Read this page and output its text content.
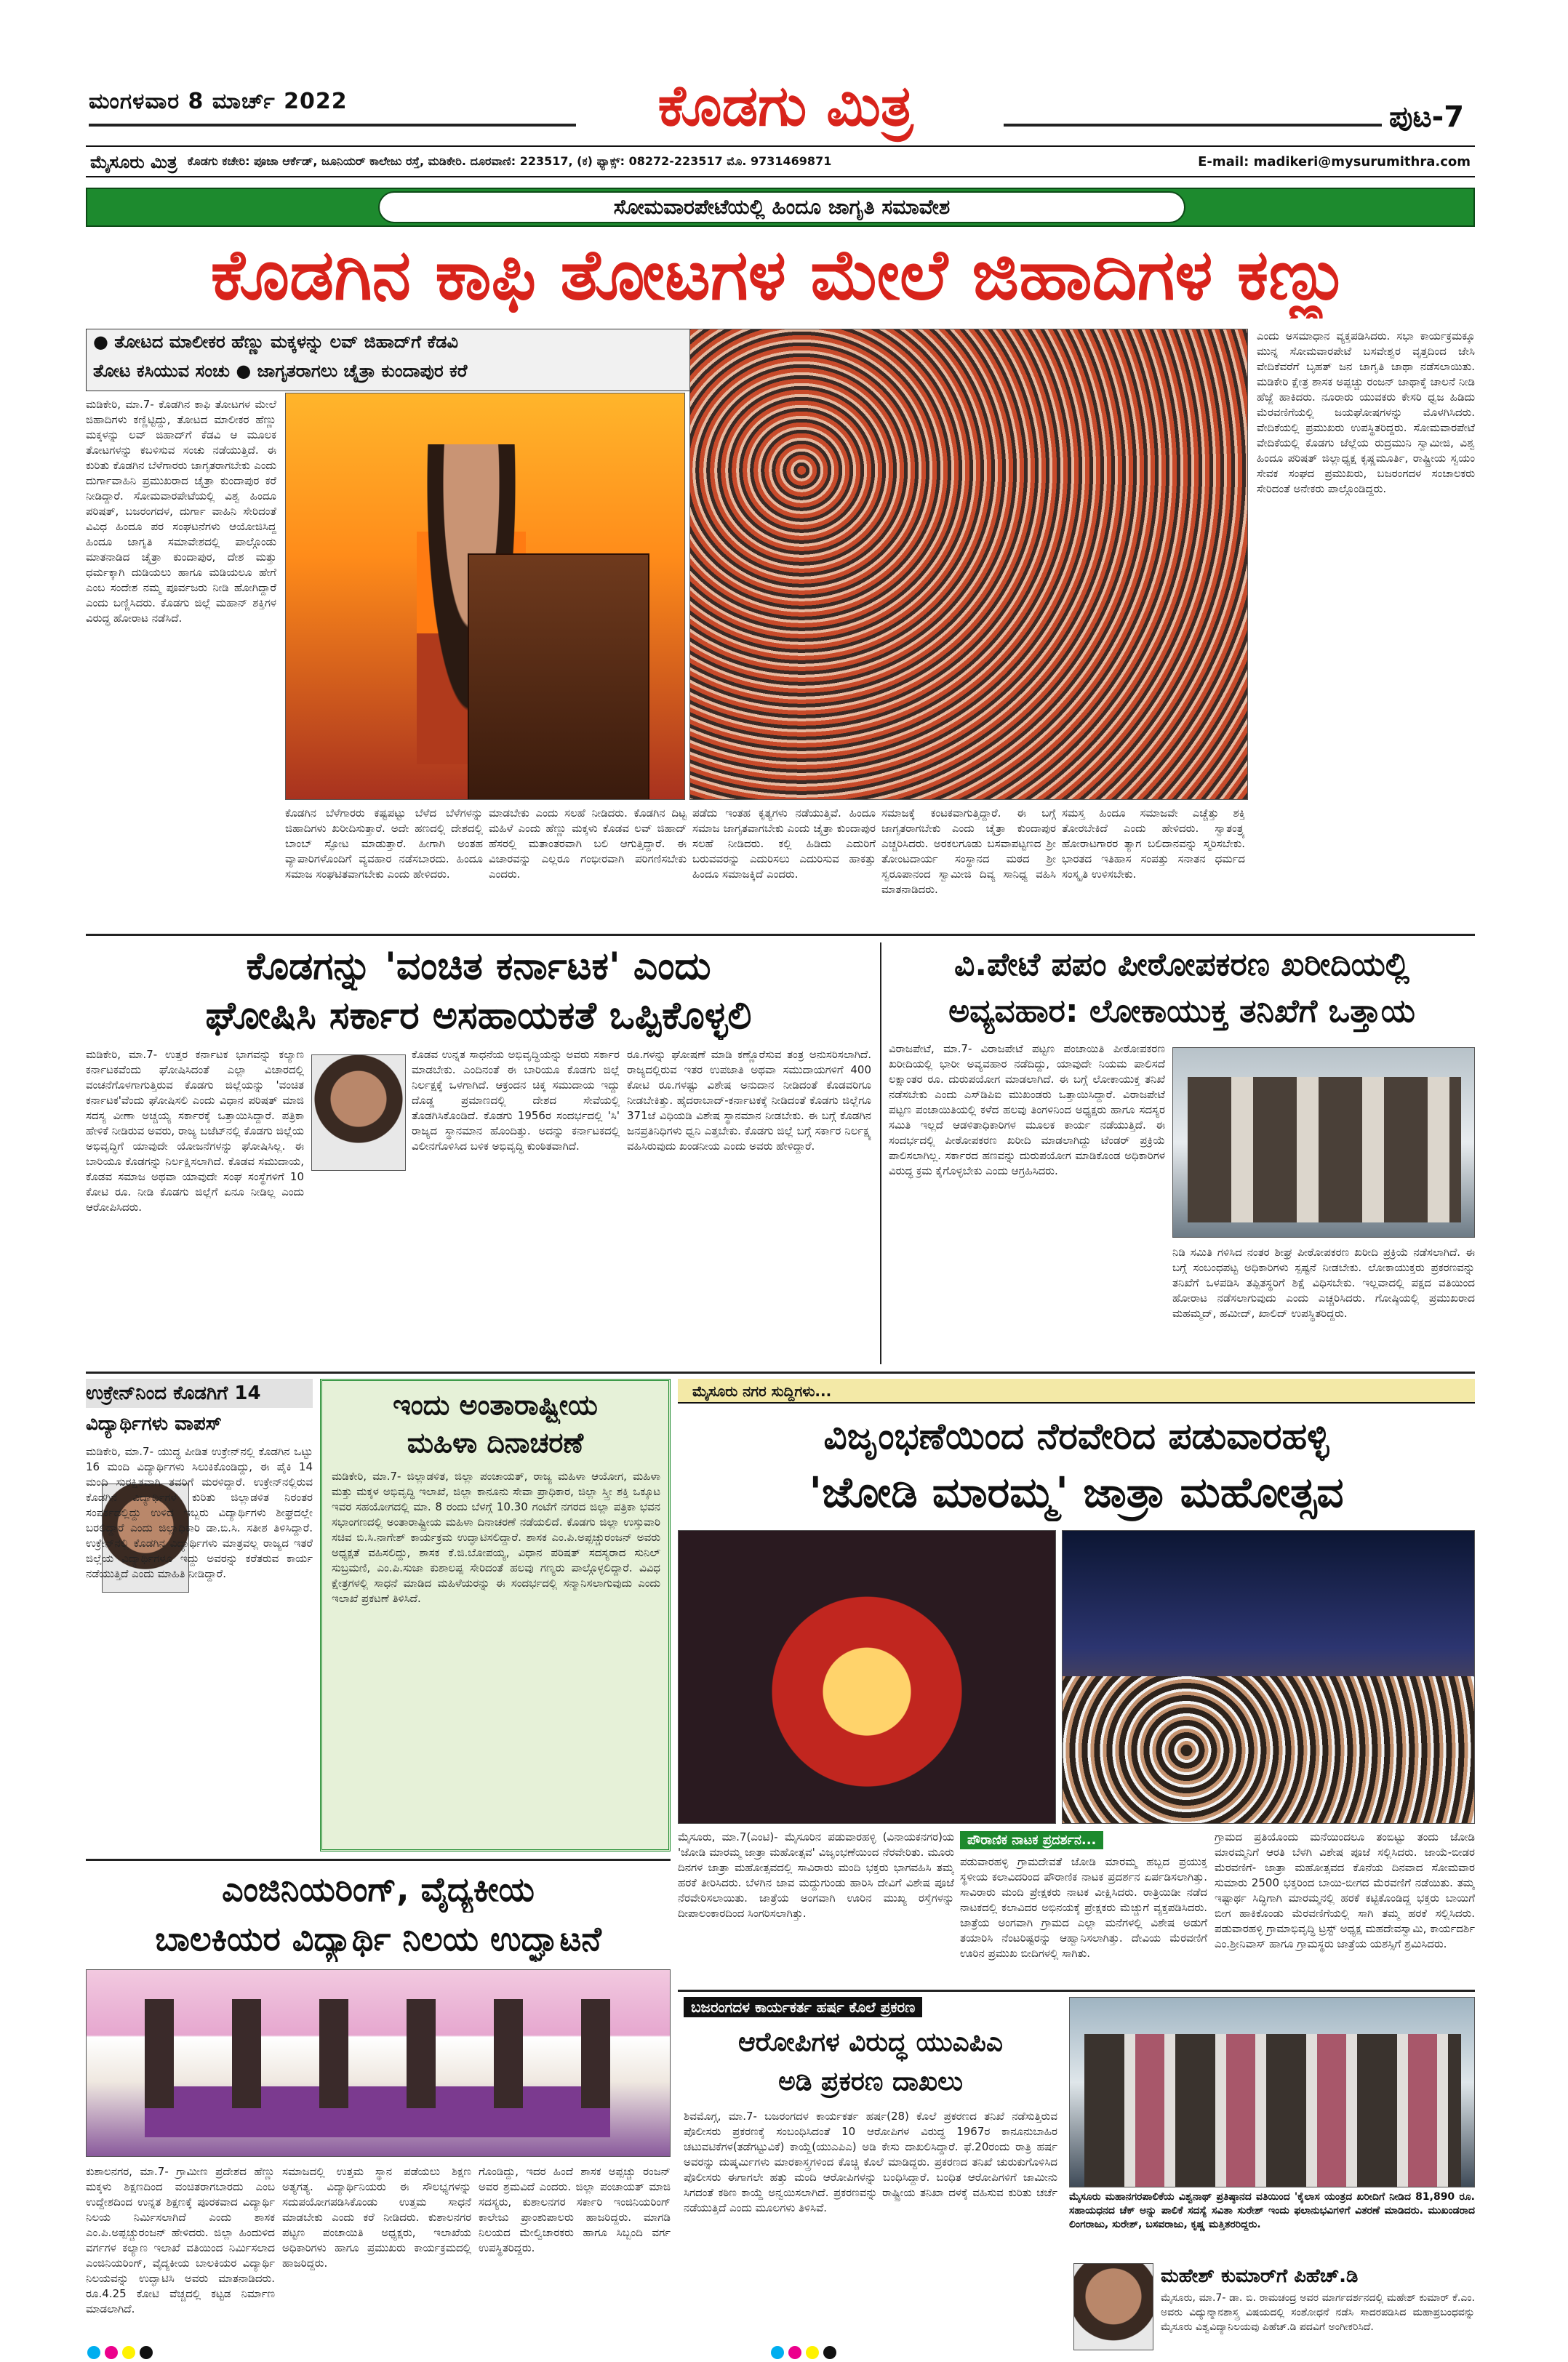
ಮಂಗಳವಾರ 8 ಮಾರ್ಚ್ 2022	ಕೊಡಗು ಮಿತ್ರ	ಪುಟ-7
ಮೈಸೂರು ಮಿತ್ರ ಕೊಡಗು ಕಚೇರಿ: ಪೂಜಾ ಆರ್ಕೆಡ್, ಜೂನಿಯರ್ ಕಾಲೇಜು ರಸ್ತೆ, ಮಡಿಕೇರಿ. ದೂರವಾಣಿ: 223517, (ಕ) ಫ್ಯಾಕ್ಸ್: 08272-223517 ಮೊ. 9731469871	E-mail: madikeri@mysurumithra.com
ಸೋಮವಾರಪೇಟೆಯಲ್ಲಿ ಹಿಂದೂ ಜಾಗೃತಿ ಸಮಾವೇಶ
ಕೊಡಗಿನ ಕಾಫಿ ತೋಟಗಳ ಮೇಲೆ ಜಿಹಾದಿಗಳ ಕಣ್ಣು
● ತೋಟದ ಮಾಲೀಕರ ಹೆಣ್ಣು ಮಕ್ಕಳನ್ನು ಲವ್ ಜಿಹಾದ್‌ಗೆ ಕೆಡವಿ
ತೋಟ ಕಸಿಯುವ ಸಂಚು ● ಜಾಗೃತರಾಗಲು ಚೈತ್ರಾ ಕುಂದಾಪುರ ಕರೆ
ಮಡಿಕೇರಿ, ಮಾ.7- ಕೊಡಗಿನ ಕಾಫಿ ತೋಟಗಳ ಮೇಲೆ ಜಿಹಾದಿಗಳು ಕಣ್ಣಿಟ್ಟಿದ್ದು, ತೋಟದ ಮಾಲೀಕರ ಹೆಣ್ಣು ಮಕ್ಕಳನ್ನು ಲವ್ ಜಿಹಾದ್‌ಗೆ ಕೆಡವಿ ಆ ಮೂಲಕ ತೋಟಗಳನ್ನು ಕಬಳಿಸುವ ಸಂಚು ನಡೆಯುತ್ತಿದೆ. ಈ ಕುರಿತು ಕೊಡಗಿನ ಬೆಳೆಗಾರರು ಜಾಗೃತರಾಗಬೇಕು ಎಂದು ದುರ್ಗಾವಾಹಿನಿ ಪ್ರಮುಖರಾದ ಚೈತ್ರಾ ಕುಂದಾಪುರ ಕರೆ ನೀಡಿದ್ದಾರೆ. ಸೋಮವಾರಪೇಟೆಯಲ್ಲಿ ವಿಶ್ವ ಹಿಂದೂ ಪರಿಷತ್, ಬಜರಂಗದಳ, ದುರ್ಗಾ ವಾಹಿನಿ ಸೇರಿದಂತೆ ವಿವಿಧ ಹಿಂದೂ ಪರ ಸಂಘಟನೆಗಳು ಆಯೋಜಿಸಿದ್ದ ಹಿಂದೂ ಜಾಗೃತಿ ಸಮಾವೇಶದಲ್ಲಿ ಪಾಲ್ಗೊಂಡು ಮಾತನಾಡಿದ ಚೈತ್ರಾ ಕುಂದಾಪುರ, ದೇಶ ಮತ್ತು ಧರ್ಮಕ್ಕಾಗಿ ದುಡಿಯಲು ಹಾಗೂ ಮಡಿಯಲೂ ಹೇಗೆ ಎಂಬ ಸಂದೇಶ ನಮ್ಮ ಪೂರ್ವಜರು ನೀಡಿ ಹೋಗಿದ್ದಾರೆ ಎಂದು ಬಣ್ಣಿಸಿದರು. ಕೊಡಗು ಜಿಲ್ಲೆ ಮಹಾನ್ ಶಕ್ತಿಗಳ ವಿರುದ್ಧ ಹೋರಾಟ ನಡೆಸಿದೆ.
ಕೊಡಗಿನ ಬೆಳೆಗಾರರು ಕಷ್ಟಪಟ್ಟು ಬೆಳೆದ ಬೆಳೆಗಳನ್ನು ಜಿಹಾದಿಗಳು ಖರೀದಿಸುತ್ತಾರೆ. ಅದೇ ಹಣದಲ್ಲಿ ದೇಶದಲ್ಲಿ ಬಾಂಬ್ ಸ್ಫೋಟ ಮಾಡುತ್ತಾರೆ. ಹೀಗಾಗಿ ಅಂತಹ ವ್ಯಾಪಾರಿಗಳೊಂದಿಗೆ ವ್ಯವಹಾರ ನಡೆಸಬಾರದು. ಹಿಂದೂ ಸಮಾಜ ಸಂಘಟಿತವಾಗಬೇಕು ಎಂದು ಹೇಳಿದರು.
ಮಾಡಬೇಕು ಎಂದು ಸಲಹೆ ನೀಡಿದರು. ಕೊಡಗಿನ ದಿಟ್ಟ ಮಹಿಳೆ ಎಂದು ಹೆಣ್ಣು ಮಕ್ಕಳು ಕೊಡವ ಲವ್ ಜಿಹಾದ್ ಹೆಸರಲ್ಲಿ ಮತಾಂತರವಾಗಿ ಬಲಿ ಆಗುತ್ತಿದ್ದಾರೆ. ಈ ವಿಚಾರವನ್ನು ಎಲ್ಲರೂ ಗಂಭೀರವಾಗಿ ಪರಿಗಣಿಸಬೇಕು ಎಂದರು.
ಪಡೆದು ಇಂತಹ ಕೃತ್ಯಗಳು ನಡೆಯುತ್ತಿವೆ. ಹಿಂದೂ ಸಮಾಜ ಜಾಗೃತವಾಗಬೇಕು ಎಂದು ಚೈತ್ರಾ ಕುಂದಾಪುರ ಸಲಹೆ ನೀಡಿದರು. ಕಲ್ಲಿ ಹಿಡಿದು ಎದುರಿಗೆ ಬರುವವರನ್ನು ಎದುರಿಸಲು ಎದುರಿಸುವ ಹಾಕತ್ತು ಹಿಂದೂ ಸಮಾಜಕ್ಕಿದೆ ಎಂದರು.
ಸಮಾಜಕ್ಕೆ ಕಂಟಕವಾಗುತ್ತಿದ್ದಾರೆ. ಈ ಬಗ್ಗೆ ಜಾಗೃತರಾಗಬೇಕು ಎಂದು ಚೈತ್ರಾ ಕುಂದಾಪುರ ಎಚ್ಚರಿಸಿದರು. ಅರಕಲಗೂಡು ಬಸವಾಪಟ್ಟಣದ ಶ್ರೀ ತೋಂಟದಾರ್ಯ ಸಂಸ್ಥಾನದ ಮಠದ ಶ್ರೀ ಸ್ವರೂಪಾನಂದ ಸ್ವಾಮೀಜಿ ದಿವ್ಯ ಸಾನಿಧ್ಯ ವಹಿಸಿ ಮಾತನಾಡಿದರು.
ಸಮಸ್ತ ಹಿಂದೂ ಸಮಾಜವೇ ಎಚ್ಚೆತ್ತು ಶಕ್ತಿ ತೋರಬೇಕಿದೆ ಎಂದು ಹೇಳಿದರು. ಸ್ವಾತಂತ್ರ್ಯ ಹೋರಾಟಗಾರರ ತ್ಯಾಗ ಬಲಿದಾನವನ್ನು ಸ್ಮರಿಸಬೇಕು. ಭಾರತದ ಇತಿಹಾಸ ಸಂಪತ್ತು ಸನಾತನ ಧರ್ಮದ ಸಂಸ್ಕೃತಿ ಉಳಿಸಬೇಕು.
ಎಂದು ಅಸಮಾಧಾನ ವ್ಯಕ್ತಪಡಿಸಿದರು. ಸಭಾ ಕಾರ್ಯಕ್ರಮಕ್ಕೂ ಮುನ್ನ ಸೋಮವಾರಪೇಟೆ ಬಸವೇಶ್ವರ ವೃತ್ತದಿಂದ ಜೇಸಿ ವೇದಿಕೆವರೆಗೆ ಬೃಹತ್ ಜನ ಜಾಗೃತಿ ಜಾಥಾ ನಡೆಸಲಾಯಿತು. ಮಡಿಕೇರಿ ಕ್ಷೇತ್ರ ಶಾಸಕ ಅಪ್ಪಚ್ಚು ರಂಜನ್ ಜಾಥಾಕ್ಕೆ ಚಾಲನೆ ನೀಡಿ ಹೆಜ್ಜೆ ಹಾಕಿದರು. ನೂರಾರು ಯುವಕರು ಕೇಸರಿ ಧ್ವಜ ಹಿಡಿದು ಮೆರವಣಿಗೆಯಲ್ಲಿ ಜಯಘೋಷಗಳನ್ನು ಮೊಳಗಿಸಿದರು. ವೇದಿಕೆಯಲ್ಲಿ ಪ್ರಮುಖರು ಉಪಸ್ಥಿತರಿದ್ದರು. ಸೋಮವಾರಪೇಟೆ ವೇದಿಕೆಯಲ್ಲಿ ಕೊಡಗು ಜೆಲ್ಲೆಯ ರುದ್ರಮುನಿ ಸ್ವಾಮೀಜಿ, ವಿಶ್ವ ಹಿಂದೂ ಪರಿಷತ್ ಜಿಲ್ಲಾಧ್ಯಕ್ಷ ಕೃಷ್ಣಮೂರ್ತಿ, ರಾಷ್ಟ್ರೀಯ ಸ್ವಯಂ ಸೇವಕ ಸಂಘದ ಪ್ರಮುಖರು, ಬಜರಂಗದಳ ಸಂಚಾಲಕರು ಸೇರಿದಂತೆ ಅನೇಕರು ಪಾಲ್ಗೊಂಡಿದ್ದರು.
ಕೊಡಗನ್ನು 'ವಂಚಿತ ಕರ್ನಾಟಕ' ಎಂದು
ಘೋಷಿಸಿ ಸರ್ಕಾರ ಅಸಹಾಯಕತೆ ಒಪ್ಪಿಕೊಳ್ಳಲಿ
ಮಡಿಕೇರಿ, ಮಾ.7- ಉತ್ತರ ಕರ್ನಾಟಕ ಭಾಗವನ್ನು ಕಲ್ಯಾಣ ಕರ್ನಾಟಕವೆಂದು ಘೋಷಿಸಿದಂತೆ ಎಲ್ಲಾ ವಿಚಾರದಲ್ಲಿ ವಂಚನೆಗೊಳಗಾಗುತ್ತಿರುವ ಕೊಡಗು ಜಿಲ್ಲೆಯನ್ನು 'ವಂಚಿತ ಕರ್ನಾಟಕ'ವೆಂದು ಘೋಷಿಸಲಿ ಎಂದು ವಿಧಾನ ಪರಿಷತ್ ಮಾಜಿ ಸದಸ್ಯ ವೀಣಾ ಅಚ್ಚಯ್ಯ ಸರ್ಕಾರಕ್ಕೆ ಒತ್ತಾಯಿಸಿದ್ದಾರೆ. ಪತ್ರಿಕಾ ಹೇಳಿಕೆ ನೀಡಿರುವ ಅವರು, ರಾಜ್ಯ ಬಜೆಟ್‌ನಲ್ಲಿ ಕೊಡಗು ಜಿಲ್ಲೆಯ ಅಭಿವೃದ್ಧಿಗೆ ಯಾವುದೇ ಯೋಜನೆಗಳನ್ನು ಘೋಷಿಸಿಲ್ಲ. ಈ ಬಾರಿಯೂ ಕೊಡಗನ್ನು ನಿರ್ಲಕ್ಷಿಸಲಾಗಿದೆ. ಕೊಡವ ಸಮುದಾಯ, ಕೊಡವ ಸಮಾಜ ಅಥವಾ ಯಾವುದೇ ಸಂಘ ಸಂಸ್ಥೆಗಳಿಗೆ 10 ಕೋಟಿ ರೂ. ನೀಡಿ ಕೊಡಗು ಜಿಲ್ಲೆಗೆ ಏನೂ ನೀಡಿಲ್ಲ ಎಂದು ಆರೋಪಿಸಿದರು.
ಕೊಡವ ಉನ್ನತ ಸಾಧನೆಯ ಅಭಿವೃದ್ಧಿಯನ್ನು ಅವರು ಸರ್ಕಾರ ಮಾಡಬೇಕು. ಎಂದಿನಂತೆ ಈ ಬಾರಿಯೂ ಕೊಡಗು ಜಿಲ್ಲೆ ನಿರ್ಲಕ್ಷಕ್ಕೆ ಒಳಗಾಗಿದೆ. ಆಕ್ರಂದನ ಚಿಕ್ಕ ಸಮುದಾಯ ಇದ್ದು ದೊಡ್ಡ ಪ್ರಮಾಣದಲ್ಲಿ ದೇಶದ ಸೇವೆಯಲ್ಲಿ ತೊಡಗಿಸಿಕೊಂಡಿದೆ. ಕೊಡಗು 1956ರ ಸಂದರ್ಭದಲ್ಲಿ 'ಸಿ' ರಾಜ್ಯದ ಸ್ಥಾನಮಾನ ಹೊಂದಿತ್ತು. ಅದನ್ನು ಕರ್ನಾಟಕದಲ್ಲಿ ವಿಲೀನಗೊಳಿಸಿದ ಬಳಿಕ ಅಭಿವೃದ್ಧಿ ಕುಂಠಿತವಾಗಿದೆ.
ರೂ.ಗಳನ್ನು ಘೋಷಣೆ ಮಾಡಿ ಕಣ್ಣೊರೆಸುವ ತಂತ್ರ ಅನುಸರಿಸಲಾಗಿದೆ. ರಾಜ್ಯದಲ್ಲಿರುವ ಇತರ ಉಪಜಾತಿ ಅಥವಾ ಸಮುದಾಯಗಳಿಗೆ 400 ಕೋಟಿ ರೂ.ಗಳಷ್ಟು ವಿಶೇಷ ಅನುದಾನ ನೀಡಿದಂತೆ ಕೊಡವರಿಗೂ ನೀಡಬೇಕಿತ್ತು. ಹೈದರಾಬಾದ್-ಕರ್ನಾಟಕಕ್ಕೆ ನೀಡಿದಂತೆ ಕೊಡಗು ಜಿಲ್ಲೆಗೂ 371ಜೆ ವಿಧಿಯಡಿ ವಿಶೇಷ ಸ್ಥಾನಮಾನ ನೀಡಬೇಕು. ಈ ಬಗ್ಗೆ ಕೊಡಗಿನ ಜನಪ್ರತಿನಿಧಿಗಳು ಧ್ವನಿ ಎತ್ತಬೇಕು. ಕೊಡಗು ಜಿಲ್ಲೆ ಬಗ್ಗೆ ಸರ್ಕಾರ ನಿರ್ಲಕ್ಷ್ಯ ವಹಿಸಿರುವುದು ಖಂಡನೀಯ ಎಂದು ಅವರು ಹೇಳಿದ್ದಾರೆ.
ವಿ.ಪೇಟೆ ಪಪಂ ಪೀಠೋಪಕರಣ ಖರೀದಿಯಲ್ಲಿ
ಅವ್ಯವಹಾರ: ಲೋಕಾಯುಕ್ತ ತನಿಖೆಗೆ ಒತ್ತಾಯ
ವಿರಾಜಪೇಟೆ, ಮಾ.7- ವಿರಾಜಪೇಟೆ ಪಟ್ಟಣ ಪಂಚಾಯಿತಿ ಪೀಠೋಪಕರಣ ಖರೀದಿಯಲ್ಲಿ ಭಾರೀ ಅವ್ಯವಹಾರ ನಡೆದಿದ್ದು, ಯಾವುದೇ ನಿಯಮ ಪಾಲಿಸದೆ ಲಕ್ಷಾಂತರ ರೂ. ದುರುಪಯೋಗ ಮಾಡಲಾಗಿದೆ. ಈ ಬಗ್ಗೆ ಲೋಕಾಯುಕ್ತ ತನಿಖೆ ನಡೆಸಬೇಕು ಎಂದು ಎಸ್‌ಡಿಪಿಐ ಮುಖಂಡರು ಒತ್ತಾಯಿಸಿದ್ದಾರೆ. ವಿರಾಜಪೇಟೆ ಪಟ್ಟಣ ಪಂಚಾಯಿತಿಯಲ್ಲಿ ಕಳೆದ ಹಲವು ತಿಂಗಳಿನಿಂದ ಅಧ್ಯಕ್ಷರು ಹಾಗೂ ಸದಸ್ಯರ ಸಮಿತಿ ಇಲ್ಲದೆ ಆಡಳಿತಾಧಿಕಾರಿಗಳ ಮೂಲಕ ಕಾರ್ಯ ನಡೆಯುತ್ತಿದೆ. ಈ ಸಂದರ್ಭದಲ್ಲಿ ಪೀಠೋಪಕರಣ ಖರೀದಿ ಮಾಡಲಾಗಿದ್ದು ಟೆಂಡರ್ ಪ್ರಕ್ರಿಯೆ ಪಾಲಿಸಲಾಗಿಲ್ಲ. ಸರ್ಕಾರದ ಹಣವನ್ನು ದುರುಪಯೋಗ ಮಾಡಿಕೊಂಡ ಅಧಿಕಾರಿಗಳ ವಿರುದ್ಧ ಕ್ರಮ ಕೈಗೊಳ್ಳಬೇಕು ಎಂದು ಆಗ್ರಹಿಸಿದರು.
ನಿಡಿ ಸಮಿತಿ ಗಳಿಸಿದ ನಂತರ ಶೀಘ್ರ ಪೀಠೋಪಕರಣ ಖರೀದಿ ಪ್ರಕ್ರಿಯೆ ನಡೆಸಲಾಗಿದೆ. ಈ ಬಗ್ಗೆ ಸಂಬಂಧಪಟ್ಟ ಅಧಿಕಾರಿಗಳು ಸ್ಪಷ್ಟನೆ ನೀಡಬೇಕು. ಲೋಕಾಯುಕ್ತರು ಪ್ರಕರಣವನ್ನು ತನಿಖೆಗೆ ಒಳಪಡಿಸಿ ತಪ್ಪಿತಸ್ಥರಿಗೆ ಶಿಕ್ಷೆ ವಿಧಿಸಬೇಕು. ಇಲ್ಲವಾದಲ್ಲಿ ಪಕ್ಷದ ವತಿಯಿಂದ ಹೋರಾಟ ನಡೆಸಲಾಗುವುದು ಎಂದು ಎಚ್ಚರಿಸಿದರು. ಗೋಷ್ಠಿಯಲ್ಲಿ ಪ್ರಮುಖರಾದ ಮಹಮ್ಮದ್, ಹಮೀದ್, ಖಾಲಿದ್ ಉಪಸ್ಥಿತರಿದ್ದರು.
ಉಕ್ರೇನ್‌ನಿಂದ ಕೊಡಗಿಗೆ 14
ವಿದ್ಯಾರ್ಥಿಗಳು ವಾಪಸ್
ಮಡಿಕೇರಿ, ಮಾ.7- ಯುದ್ಧ ಪೀಡಿತ ಉಕ್ರೇನ್‌ನಲ್ಲಿ ಕೊಡಗಿನ ಒಟ್ಟು 16 ಮಂದಿ ವಿದ್ಯಾರ್ಥಿಗಳು ಸಿಲುಕಿಕೊಂಡಿದ್ದು, ಈ ಪೈಕಿ 14 ಮಂದಿ ಸುರಕ್ಷಿತವಾಗಿ ತವರಿಗೆ ಮರಳಿದ್ದಾರೆ. ಉಕ್ರೇನ್‌ನಲ್ಲಿರುವ ಕೊಡಗಿನ ವಿದ್ಯಾರ್ಥಿಗಳ ಕುರಿತು ಜಿಲ್ಲಾಡಳಿತ ನಿರಂತರ ಸಂಪರ್ಕದಲ್ಲಿದ್ದು ಉಳಿದ ಇಬ್ಬರು ವಿದ್ಯಾರ್ಥಿಗಳು ಶೀಘ್ರದಲ್ಲೇ ಬರಲಿದ್ದಾರೆ ಎಂದು ಜಿಲ್ಲಾಧಿಕಾರಿ ಡಾ.ಬಿ.ಸಿ. ಸತೀಶ ತಿಳಿಸಿದ್ದಾರೆ. ಉಕ್ರೇನ್‌ನಲ್ಲಿ ಕೊಡಗಿನ ವಿದ್ಯಾರ್ಥಿಗಳು ಮಾತ್ರವಲ್ಲ ರಾಜ್ಯದ ಇತರೆ ಜಿಲ್ಲೆಯ ವಿದ್ಯಾರ್ಥಿಗಳೂ ಇದ್ದು ಅವರನ್ನು ಕರೆತರುವ ಕಾರ್ಯ ನಡೆಯುತ್ತಿದೆ ಎಂದು ಮಾಹಿತಿ ನೀಡಿದ್ದಾರೆ.
ಇಂದು ಅಂತಾರಾಷ್ಟ್ರೀಯ
ಮಹಿಳಾ ದಿನಾಚರಣೆ
ಮಡಿಕೇರಿ, ಮಾ.7- ಜಿಲ್ಲಾಡಳಿತ, ಜಿಲ್ಲಾ ಪಂಚಾಯತ್, ರಾಜ್ಯ ಮಹಿಳಾ ಆಯೋಗ, ಮಹಿಳಾ ಮತ್ತು ಮಕ್ಕಳ ಅಭಿವೃದ್ಧಿ ಇಲಾಖೆ, ಜಿಲ್ಲಾ ಕಾನೂನು ಸೇವಾ ಪ್ರಾಧಿಕಾರ, ಜಿಲ್ಲಾ ಸ್ತ್ರೀ ಶಕ್ತಿ ಒಕ್ಕೂಟ ಇವರ ಸಹಯೋಗದಲ್ಲಿ ಮಾ. 8 ರಂದು ಬೆಳಗ್ಗೆ 10.30 ಗಂಟೆಗೆ ನಗರದ ಜಿಲ್ಲಾ ಪತ್ರಿಕಾ ಭವನ ಸಭಾಂಗಣದಲ್ಲಿ ಅಂತಾರಾಷ್ಟ್ರೀಯ ಮಹಿಳಾ ದಿನಾಚರಣೆ ನಡೆಯಲಿದೆ. ಕೊಡಗು ಜಿಲ್ಲಾ ಉಸ್ತುವಾರಿ ಸಚಿವ ಬಿ.ಸಿ.ನಾಗೇಶ್ ಕಾರ್ಯಕ್ರಮ ಉದ್ಘಾಟಿಸಲಿದ್ದಾರೆ. ಶಾಸಕ ಎಂ.ಪಿ.ಅಪ್ಪಚ್ಚುರಂಜನ್ ಅವರು ಅಧ್ಯಕ್ಷತೆ ವಹಿಸಲಿದ್ದು, ಶಾಸಕ ಕೆ.ಜಿ.ಬೋಪಯ್ಯ, ವಿಧಾನ ಪರಿಷತ್ ಸದಸ್ಯರಾದ ಸುನಿಲ್ ಸುಬ್ರಮಣಿ, ಎಂ.ಪಿ.ಸುಜಾ ಕುಶಾಲಪ್ಪ ಸೇರಿದಂತೆ ಹಲವು ಗಣ್ಯರು ಪಾಲ್ಗೊಳ್ಳಲಿದ್ದಾರೆ. ವಿವಿಧ ಕ್ಷೇತ್ರಗಳಲ್ಲಿ ಸಾಧನೆ ಮಾಡಿದ ಮಹಿಳೆಯರನ್ನು ಈ ಸಂದರ್ಭದಲ್ಲಿ ಸನ್ಮಾನಿಸಲಾಗುವುದು ಎಂದು ಇಲಾಖೆ ಪ್ರಕಟಣೆ ತಿಳಿಸಿದೆ.
ಎಂಜಿನಿಯರಿಂಗ್, ವೈದ್ಯಕೀಯ
ಬಾಲಕಿಯರ ವಿದ್ಯಾರ್ಥಿ ನಿಲಯ ಉದ್ಘಾಟನೆ
ಕುಶಾಲನಗರ, ಮಾ.7- ಗ್ರಾಮೀಣ ಪ್ರದೇಶದ ಹೆಣ್ಣು ಮಕ್ಕಳು ಶಿಕ್ಷಣದಿಂದ ವಂಚಿತರಾಗಬಾರದು ಎಂಬ ಉದ್ದೇಶದಿಂದ ಉನ್ನತ ಶಿಕ್ಷಣಕ್ಕೆ ಪೂರಕವಾದ ವಿದ್ಯಾರ್ಥಿ ನಿಲಯ ನಿರ್ಮಿಸಲಾಗಿದೆ ಎಂದು ಶಾಸಕ ಎಂ.ಪಿ.ಅಪ್ಪಚ್ಚುರಂಜನ್ ಹೇಳಿದರು. ಜಿಲ್ಲಾ ಹಿಂದುಳಿದ ವರ್ಗಗಳ ಕಲ್ಯಾಣ ಇಲಾಖೆ ವತಿಯಿಂದ ನಿರ್ಮಿಸಲಾದ ಎಂಜಿನಿಯರಿಂಗ್, ವೈದ್ಯಕೀಯ ಬಾಲಕಿಯರ ವಿದ್ಯಾರ್ಥಿ ನಿಲಯವನ್ನು ಉದ್ಘಾಟಿಸಿ ಅವರು ಮಾತನಾಡಿದರು. ರೂ.4.25 ಕೋಟಿ ವೆಚ್ಚದಲ್ಲಿ ಕಟ್ಟಡ ನಿರ್ಮಾಣ ಮಾಡಲಾಗಿದೆ.
ಸಮಾಜದಲ್ಲಿ ಉತ್ತಮ ಸ್ಥಾನ ಪಡೆಯಲು ಶಿಕ್ಷಣ ಅತ್ಯಗತ್ಯ. ವಿದ್ಯಾರ್ಥಿನಿಯರು ಈ ಸೌಲಭ್ಯಗಳನ್ನು ಸದುಪಯೋಗಪಡಿಸಿಕೊಂಡು ಉತ್ತಮ ಸಾಧನೆ ಮಾಡಬೇಕು ಎಂದು ಕರೆ ನೀಡಿದರು. ಕುಶಾಲನಗರ ಪಟ್ಟಣ ಪಂಚಾಯಿತಿ ಅಧ್ಯಕ್ಷರು, ಇಲಾಖೆಯ ಅಧಿಕಾರಿಗಳು ಹಾಗೂ ಪ್ರಮುಖರು ಕಾರ್ಯಕ್ರಮದಲ್ಲಿ ಹಾಜರಿದ್ದರು.
ಗೊಂಡಿದ್ದು, ಇದರ ಹಿಂದೆ ಶಾಸಕ ಅಪ್ಪಚ್ಚು ರಂಜನ್ ಅವರ ಶ್ರಮವಿದೆ ಎಂದರು. ಜಿಲ್ಲಾ ಪಂಚಾಯತ್ ಮಾಜಿ ಸದಸ್ಯರು, ಕುಶಾಲನಗರ ಸರ್ಕಾರಿ ಇಂಜಿನಿಯರಿಂಗ್ ಕಾಲೇಜು ಪ್ರಾಂಶುಪಾಲರು ಹಾಜರಿದ್ದರು. ಮಾಗಡಿ ನಿಲಯದ ಮೇಲ್ವಿಚಾರಕರು ಹಾಗೂ ಸಿಬ್ಬಂದಿ ವರ್ಗ ಉಪಸ್ಥಿತರಿದ್ದರು.
ಮೈಸೂರು ನಗರ ಸುದ್ದಿಗಳು...
ವಿಜೃಂಭಣೆಯಿಂದ ನೆರವೇರಿದ ಪಡುವಾರಹಳ್ಳಿ
'ಜೋಡಿ ಮಾರಮ್ಮ' ಜಾತ್ರಾ ಮಹೋತ್ಸವ
ಮೈಸೂರು, ಮಾ.7(ಎಂಟಿ)- ಮೈಸೂರಿನ ಪಡುವಾರಹಳ್ಳಿ (ವಿನಾಯಕನಗರ)ಯ 'ಜೋಡಿ ಮಾರಮ್ಮ ಜಾತ್ರಾ ಮಹೋತ್ಸವ' ವಿಜೃಂಭಣೆಯಿಂದ ನೆರವೇರಿತು. ಮೂರು ದಿನಗಳ ಜಾತ್ರಾ ಮಹೋತ್ಸವದಲ್ಲಿ ಸಾವಿರಾರು ಮಂದಿ ಭಕ್ತರು ಭಾಗವಹಿಸಿ ತಮ್ಮ ಹರಕೆ ತೀರಿಸಿದರು. ಬೆಳಗಿನ ಜಾವ ಮದ್ದುಗುಂಡು ಹಾರಿಸಿ ದೇವಿಗೆ ವಿಶೇಷ ಪೂಜೆ ನೆರವೇರಿಸಲಾಯಿತು. ಜಾತ್ರೆಯ ಅಂಗವಾಗಿ ಊರಿನ ಮುಖ್ಯ ರಸ್ತೆಗಳನ್ನು ದೀಪಾಲಂಕಾರದಿಂದ ಸಿಂಗರಿಸಲಾಗಿತ್ತು.
ಪೌರಾಣಿಕ ನಾಟಕ ಪ್ರದರ್ಶನ...
ಪಡುವಾರಹಳ್ಳಿ ಗ್ರಾಮದೇವತೆ ಜೋಡಿ ಮಾರಮ್ಮ ಹಬ್ಬದ ಪ್ರಯುಕ್ತ ಸ್ಥಳೀಯ ಕಲಾವಿದರಿಂದ ಪೌರಾಣಿಕ ನಾಟಕ ಪ್ರದರ್ಶನ ಏರ್ಪಡಿಸಲಾಗಿತ್ತು. ಸಾವಿರಾರು ಮಂದಿ ಪ್ರೇಕ್ಷಕರು ನಾಟಕ ವೀಕ್ಷಿಸಿದರು. ರಾತ್ರಿಯಿಡೀ ನಡೆದ ನಾಟಕದಲ್ಲಿ ಕಲಾವಿದರ ಅಭಿನಯಕ್ಕೆ ಪ್ರೇಕ್ಷಕರು ಮೆಚ್ಚುಗೆ ವ್ಯಕ್ತಪಡಿಸಿದರು. ಜಾತ್ರೆಯ ಅಂಗವಾಗಿ ಗ್ರಾಮದ ಎಲ್ಲಾ ಮನೆಗಳಲ್ಲಿ ವಿಶೇಷ ಅಡುಗೆ ತಯಾರಿಸಿ ನೆಂಟರಿಷ್ಟರನ್ನು ಆಹ್ವಾನಿಸಲಾಗಿತ್ತು. ದೇವಿಯ ಮೆರವಣಿಗೆ ಊರಿನ ಪ್ರಮುಖ ಬೀದಿಗಳಲ್ಲಿ ಸಾಗಿತು.
ಗ್ರಾಮದ ಪ್ರತಿಯೊಂದು ಮನೆಯಿಂದಲೂ ತಂಬಿಟ್ಟು ತಂದು ಜೋಡಿ ಮಾರಮ್ಮನಿಗೆ ಆರತಿ ಬೆಳಗಿ ವಿಶೇಷ ಪೂಜೆ ಸಲ್ಲಿಸಿದರು. ಜಾಯೆ-ಬೀಡರ ಮೆರವಣಿಗೆ- ಜಾತ್ರಾ ಮಹೋತ್ಸವದ ಕೊನೆಯ ದಿನವಾದ ಸೋಮವಾರ ಸುಮಾರು 2500 ಭಕ್ತರಿಂದ ಬಾಯಿ-ಬೀಗದ ಮೆರವಣಿಗೆ ನಡೆಯಿತು. ತಮ್ಮ ಇಷ್ಟಾರ್ಥ ಸಿದ್ಧಿಗಾಗಿ ಮಾರಮ್ಮನಲ್ಲಿ ಹರಕೆ ಕಟ್ಟಿಕೊಂಡಿದ್ದ ಭಕ್ತರು ಬಾಯಿಗೆ ಬೀಗ ಹಾಕಿಕೊಂಡು ಮೆರವಣಿಗೆಯಲ್ಲಿ ಸಾಗಿ ತಮ್ಮ ಹರಕೆ ಸಲ್ಲಿಸಿದರು. ಪಡುವಾರಹಳ್ಳಿ ಗ್ರಾಮಾಭಿವೃದ್ಧಿ ಟ್ರಸ್ಟ್ ಅಧ್ಯಕ್ಷ ಮಹದೇವಸ್ವಾಮಿ, ಕಾರ್ಯದರ್ಶಿ ಎಂ.ಶ್ರೀನಿವಾಸ್ ಹಾಗೂ ಗ್ರಾಮಸ್ಥರು ಜಾತ್ರೆಯ ಯಶಸ್ಸಿಗೆ ಶ್ರಮಿಸಿದರು.
ಬಜರಂಗದಳ ಕಾರ್ಯಕರ್ತ ಹರ್ಷ ಕೊಲೆ ಪ್ರಕರಣ
ಆರೋಪಿಗಳ ವಿರುದ್ಧ ಯುಎಪಿಎ
ಅಡಿ ಪ್ರಕರಣ ದಾಖಲು
ಶಿವಮೊಗ್ಗ, ಮಾ.7- ಬಜರಂಗದಳ ಕಾರ್ಯಕರ್ತ ಹರ್ಷ(28) ಕೊಲೆ ಪ್ರಕರಣದ ತನಿಖೆ ನಡೆಸುತ್ತಿರುವ ಪೊಲೀಸರು ಪ್ರಕರಣಕ್ಕೆ ಸಂಬಂಧಿಸಿದಂತೆ 10 ಆರೋಪಿಗಳ ವಿರುದ್ಧ 1967ರ ಕಾನೂನುಬಾಹಿರ ಚಟುವಟಿಕೆಗಳ(ತಡೆಗಟ್ಟುವಿಕೆ) ಕಾಯ್ದೆ(ಯುಎಪಿಎ) ಅಡಿ ಕೇಸು ದಾಖಲಿಸಿದ್ದಾರೆ. ಫೆ.20ರಂದು ರಾತ್ರಿ ಹರ್ಷ ಅವರನ್ನು ದುಷ್ಕರ್ಮಿಗಳು ಮಾರಕಾಸ್ತ್ರಗಳಿಂದ ಕೊಚ್ಚಿ ಕೊಲೆ ಮಾಡಿದ್ದರು. ಪ್ರಕರಣದ ತನಿಖೆ ಚುರುಕುಗೊಳಿಸಿದ ಪೊಲೀಸರು ಈಗಾಗಲೇ ಹತ್ತು ಮಂದಿ ಆರೋಪಿಗಳನ್ನು ಬಂಧಿಸಿದ್ದಾರೆ. ಬಂಧಿತ ಆರೋಪಿಗಳಿಗೆ ಜಾಮೀನು ಸಿಗದಂತೆ ಕಠಿಣ ಕಾಯ್ದೆ ಅನ್ವಯಿಸಲಾಗಿದೆ. ಪ್ರಕರಣವನ್ನು ರಾಷ್ಟ್ರೀಯ ತನಿಖಾ ದಳಕ್ಕೆ ವಹಿಸುವ ಕುರಿತು ಚರ್ಚೆ ನಡೆಯುತ್ತಿದೆ ಎಂದು ಮೂಲಗಳು ತಿಳಿಸಿವೆ.
ಮೈಸೂರು ಮಹಾನಗರಪಾಲಿಕೆಯ ವಿಶ್ವನಾಥ್ ಪ್ರತಿಷ್ಠಾನದ ವತಿಯಿಂದ 'ಕೈಲಾಸ ಯಂತ್ರದ ಖರೀದಿಗೆ ನೀಡಿದ 81,890 ರೂ. ಸಹಾಯಧನದ ಚೆಕ್ ಅನ್ನು ಪಾಲಿಕೆ ಸದಸ್ಯೆ ಸವಿತಾ ಸುರೇಶ್ ಇಂದು ಫಲಾನುಭವಿಗಳಿಗೆ ವಿತರಣೆ ಮಾಡಿದರು. ಮುಖಂಡರಾದ ಲಿಂಗರಾಜು, ಸುರೇಶ್, ಬಸವರಾಜು, ಕೃಷ್ಣ ಮತ್ತಿತರರಿದ್ದರು.
ಮಹೇಶ್ ಕುಮಾರ್‌ಗೆ ಪಿಹೆಚ್.ಡಿ
ಮೈಸೂರು, ಮಾ.7- ಡಾ. ಬಿ. ರಾಮಚಂದ್ರ ಅವರ ಮಾರ್ಗದರ್ಶನದಲ್ಲಿ ಮಹೇಶ್ ಕುಮಾರ್ ಕೆ.ಎಂ. ಅವರು ವಿದ್ಯುನ್ಮಾನಶಾಸ್ತ್ರ ವಿಷಯದಲ್ಲಿ ಸಂಶೋಧನೆ ನಡೆಸಿ ಸಾದರಪಡಿಸಿದ ಮಹಾಪ್ರಬಂಧವನ್ನು ಮೈಸೂರು ವಿಶ್ವವಿದ್ಯಾನಿಲಯವು ಪಿಹೆಚ್.ಡಿ ಪದವಿಗೆ ಅಂಗೀಕರಿಸಿದೆ.
